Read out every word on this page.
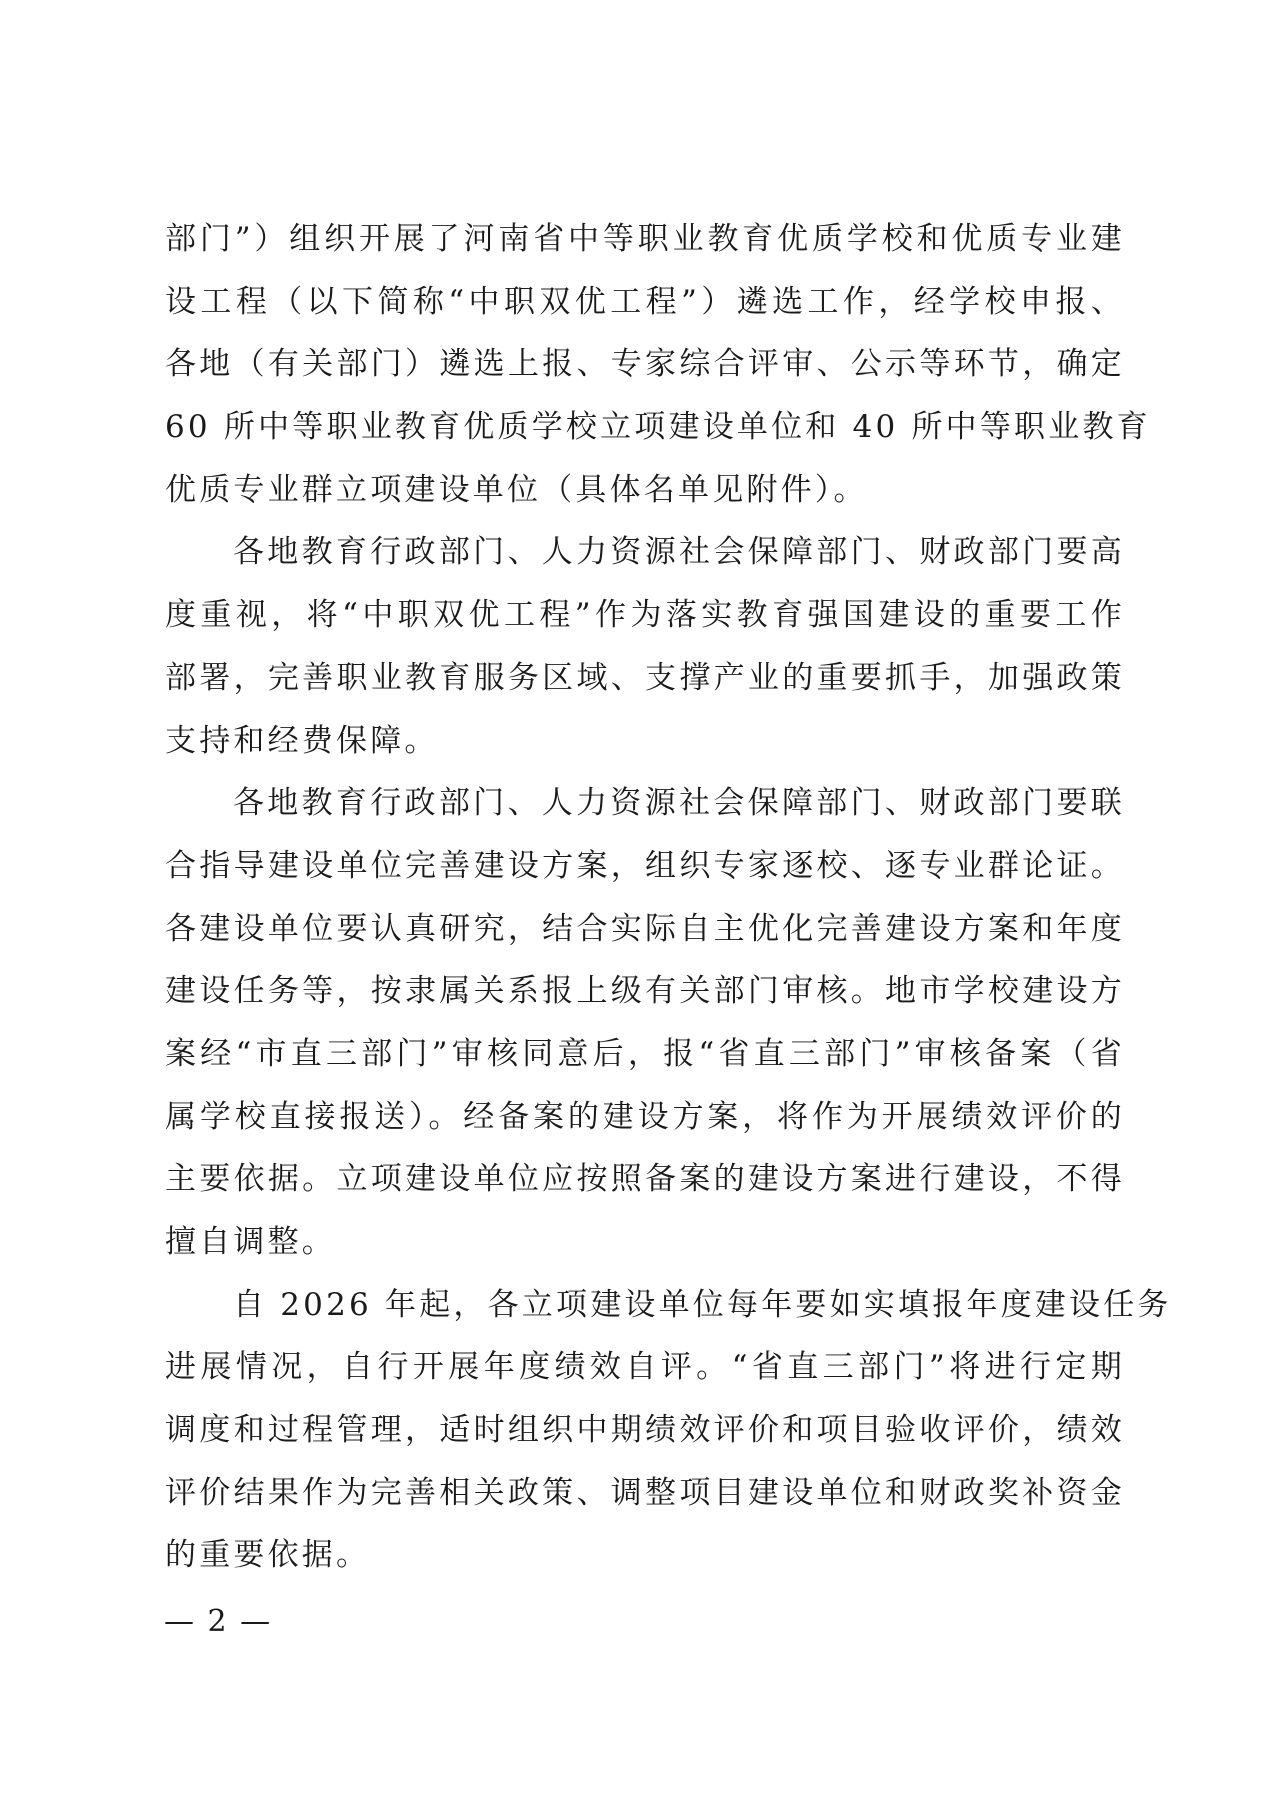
部门”）组织开展了河南省中等职业教育优质学校和优质专业建
设工程（以下简称“中职双优工程”）遴选工作，经学校申报、
各地（有关部门）遴选上报、专家综合评审、公示等环节，确定
60 所中等职业教育优质学校立项建设单位和 40 所中等职业教育
优质专业群立项建设单位（具体名单见附件）。
各地教育行政部门、人力资源社会保障部门、财政部门要高
度重视，将“中职双优工程”作为落实教育强国建设的重要工作
部署，完善职业教育服务区域、支撑产业的重要抓手，加强政策
支持和经费保障。
各地教育行政部门、人力资源社会保障部门、财政部门要联
合指导建设单位完善建设方案，组织专家逐校、逐专业群论证。
各建设单位要认真研究，结合实际自主优化完善建设方案和年度
建设任务等，按隶属关系报上级有关部门审核。地市学校建设方
案经“市直三部门”审核同意后，报“省直三部门”审核备案（省
属学校直接报送）。经备案的建设方案，将作为开展绩效评价的
主要依据。立项建设单位应按照备案的建设方案进行建设，不得
擅自调整。
自 2026 年起，各立项建设单位每年要如实填报年度建设任务
进展情况，自行开展年度绩效自评。“省直三部门”将进行定期
调度和过程管理，适时组织中期绩效评价和项目验收评价，绩效
评价结果作为完善相关政策、调整项目建设单位和财政奖补资金
的重要依据。
— 2 —
